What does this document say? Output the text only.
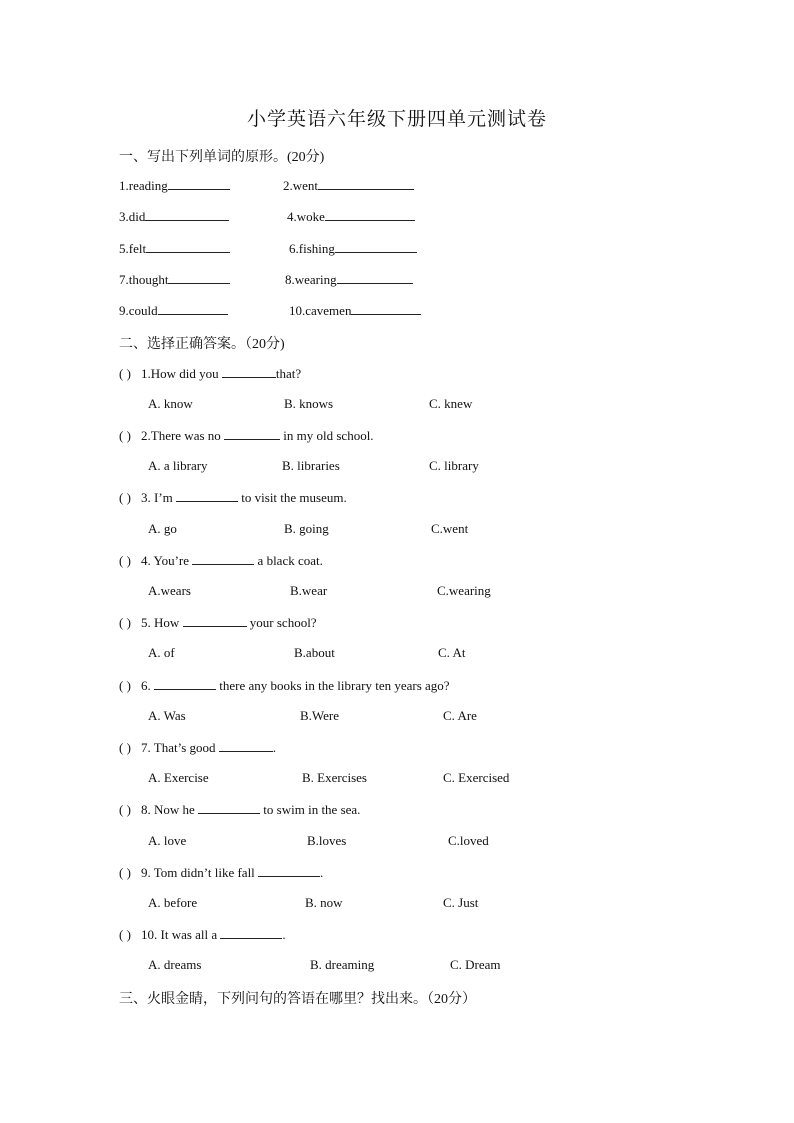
小学英语六年级下册四单元测试卷
一、写出下列单词的原形。(20分)
1.reading	2.went
3.did	4.woke
5.felt	6.fishing
7.thought	8.wearing
9.could	10.cavemen
二、选择正确答案。（20分)
( ) 1.How did you	that?
A. know	B. knows	C. knew
( ) 2.There was no	in my old school.
A. a library	B. libraries	C. library
( ) 3. I’m	to visit the museum.
A. go	B. going	C.went
( ) 4. You’re	a black coat.
A.wears	B.wear	C.wearing
( ) 5. How	your school?
A. of	B.about	C. At
( ) 6.	there any books in the library ten years ago?
A. Was	B.Were	C. Are
( ) 7. That’s good	.
A. Exercise	B. Exercises	C. Exercised
( ) 8. Now he	to swim in the sea.
A. love	B.loves	C.loved
( ) 9. Tom didn’t like fall	.
A. before	B. now	C. Just
( ) 10. It was all a	.
A. dreams	B. dreaming	C. Dream
三、火眼金睛，下列问句的答语在哪里？找出来。（20分）
